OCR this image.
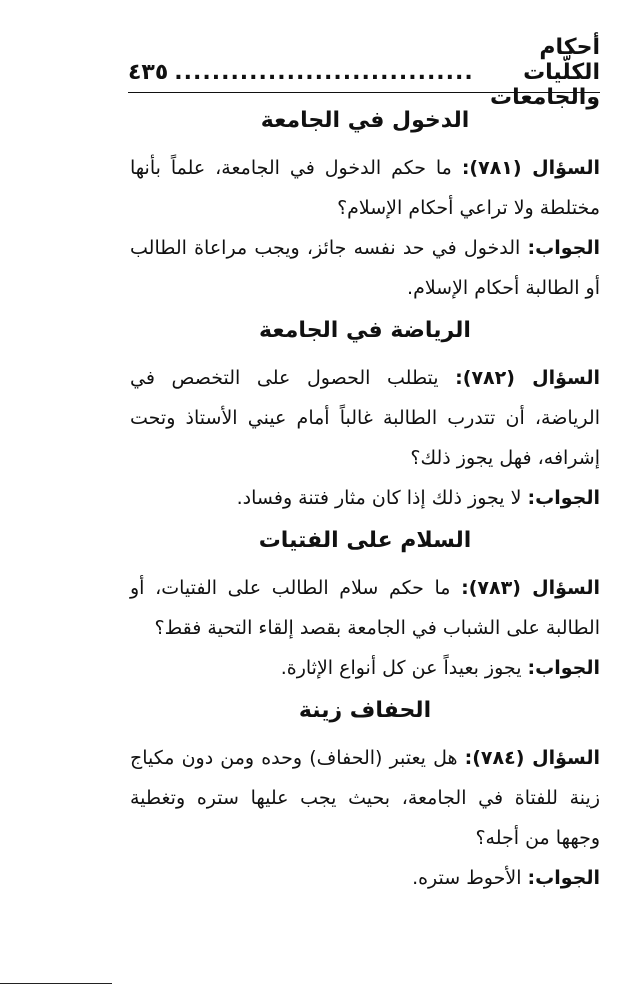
أحكام الكلّيات والجامعات
................................
٤٣٥
الدخول في الجامعة
السؤال (٧٨١): ما حكم الدخول في الجامعة، علماً بأنها مختلطة ولا تراعي أحكام الإسلام؟
الجواب: الدخول في حد نفسه جائز، ويجب مراعاة الطالب أو الطالبة أحكام الإسلام.
الرياضة في الجامعة
السؤال (٧٨٢): يتطلب الحصول على التخصص في الرياضة، أن تتدرب الطالبة غالباً أمام عيني الأستاذ وتحت إشرافه، فهل يجوز ذلك؟
الجواب: لا يجوز ذلك إذا كان مثار فتنة وفساد.
السلام على الفتيات
السؤال (٧٨٣): ما حكم سلام الطالب على الفتيات، أو الطالبة على الشباب في الجامعة بقصد إلقاء التحية فقط؟
الجواب: يجوز بعيداً عن كل أنواع الإثارة.
الحفاف زينة
السؤال (٧٨٤): هل يعتبر (الحفاف) وحده ومن دون مكياج زينة للفتاة في الجامعة، بحيث يجب عليها ستره وتغطية وجهها من أجله؟
الجواب: الأحوط ستره.
